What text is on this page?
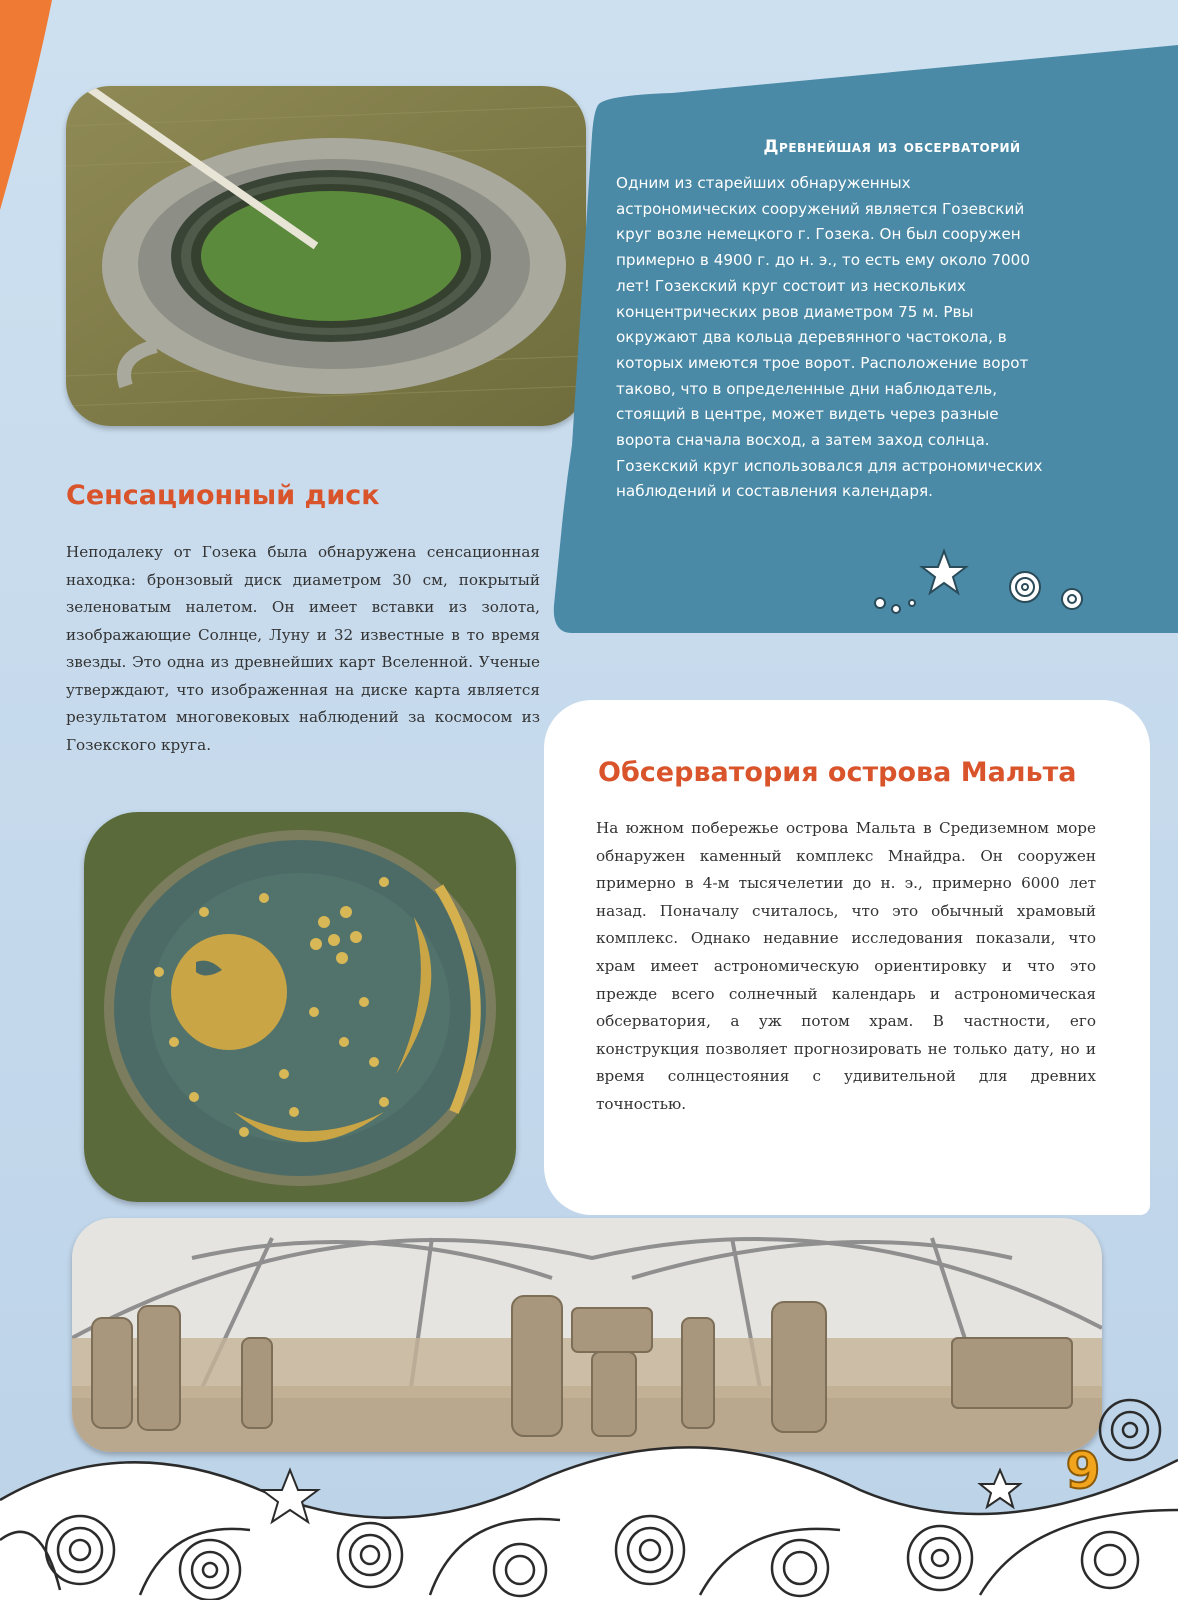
Древнейшая из обсерваторий

Одним из старейших обнаруженных астрономических сооружений является Гозевский круг возле немецкого г. Гозека. Он был сооружен примерно в 4900 г. до н. э., то есть ему около 7000 лет! Гозекский круг состоит из нескольких концентрических рвов диаметром 75 м. Рвы окружают два кольца деревянного частокола, в которых имеются трое ворот. Расположение ворот таково, что в определенные дни наблюдатель, стоящий в центре, может видеть через разные ворота сначала восход, а затем заход солнца. Гозекский круг использовался для астрономических наблюдений и составления календаря.

Сенсационный диск

Неподалеку от Гозека была обнаружена сенсационная находка: бронзовый диск диаметром 30 см, покрытый зеленоватым налетом. Он имеет вставки из золота, изображающие Солнце, Луну и 32 известные в то время звезды. Это одна из древнейших карт Вселенной. Ученые утверждают, что изображенная на диске карта является результатом многовековых наблюдений за космосом из Гозекского круга.

Обсерватория острова Мальта

На южном побережье острова Мальта в Средиземном море обнаружен каменный комплекс Мнайдра. Он сооружен примерно в 4-м тысячелетии до н. э., примерно 6000 лет назад. Поначалу считалось, что это обычный храмовый комплекс. Однако недавние исследования показали, что храм имеет астрономическую ориентировку и что это прежде всего солнечный календарь и астрономическая обсерватория, а уж потом храм. В частности, его конструкция позволяет прогнозировать не только дату, но и время солнцестояния с удивительной для древних точностью.

9
